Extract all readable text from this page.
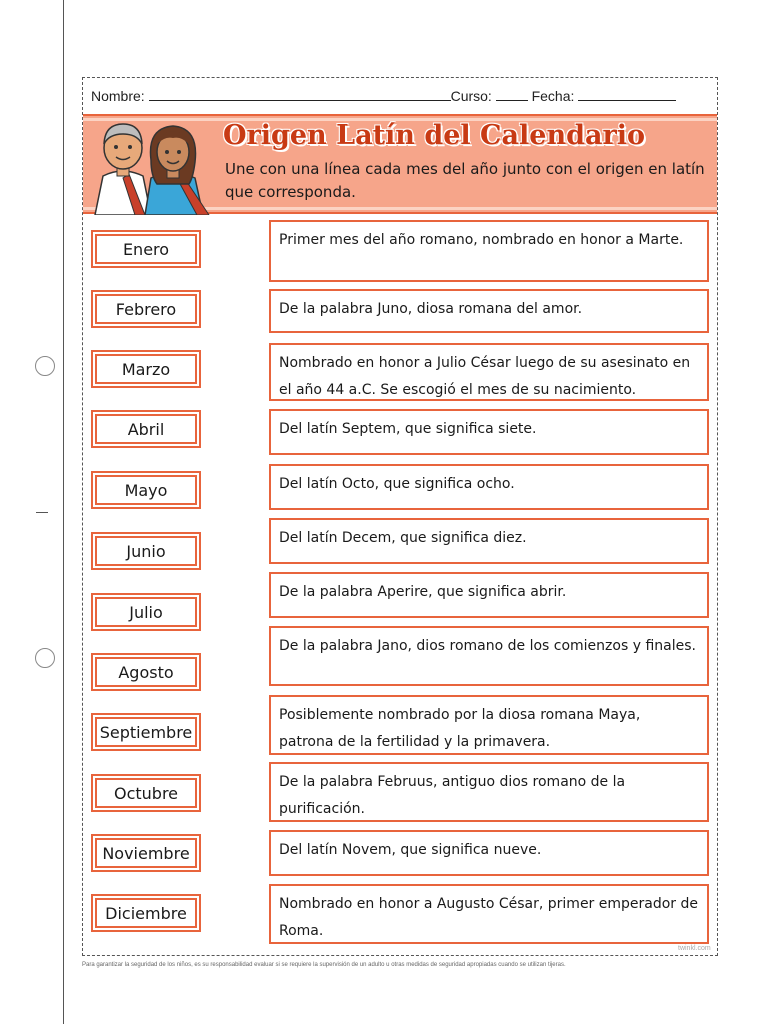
Nombre:	Curso:	Fecha:
Origen Latín del Calendario
Une con una línea cada mes del año junto con el origen en latín que corresponda.
Enero
Febrero
Marzo
Abril
Mayo
Junio
Julio
Agosto
Septiembre
Octubre
Noviembre
Diciembre
Primer mes del año romano, nombrado en honor a Marte.
De la palabra Juno, diosa romana del amor.
Nombrado en honor a Julio César luego de su asesinato en el año 44 a.C. Se escogió el mes de su nacimiento.
Del latín Septem, que significa siete.
Del latín Octo, que significa ocho.
Del latín Decem, que significa diez.
De la palabra Aperire, que significa abrir.
De la palabra Jano, dios romano de los comienzos y finales.
Posiblemente nombrado por la diosa romana Maya, patrona de la fertilidad y la primavera.
De la palabra Februus, antiguo dios romano de la purificación.
Del latín Novem, que significa nueve.
Nombrado en honor a Augusto César, primer emperador de Roma.
twinkl.com
Para garantizar la seguridad de los niños, es su responsabilidad evaluar si se requiere la supervisión de un adulto u otras medidas de seguridad apropiadas cuando se utilizan tijeras.
